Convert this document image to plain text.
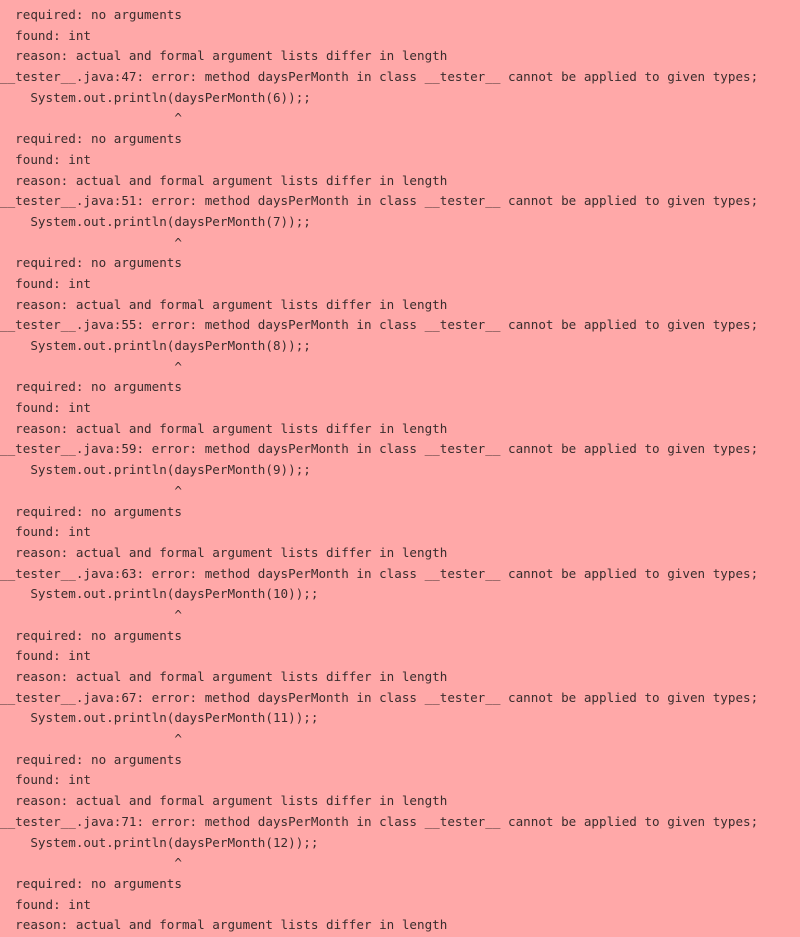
required: no arguments
found: int
reason: actual and formal argument lists differ in length
__tester__.java:47: error: method daysPerMonth in class __tester__ cannot be applied to given types;
System.out.println(daysPerMonth(6));;
^
required: no arguments
found: int
reason: actual and formal argument lists differ in length
__tester__.java:51: error: method daysPerMonth in class __tester__ cannot be applied to given types;
System.out.println(daysPerMonth(7));;
^
required: no arguments
found: int
reason: actual and formal argument lists differ in length
__tester__.java:55: error: method daysPerMonth in class __tester__ cannot be applied to given types;
System.out.println(daysPerMonth(8));;
^
required: no arguments
found: int
reason: actual and formal argument lists differ in length
__tester__.java:59: error: method daysPerMonth in class __tester__ cannot be applied to given types;
System.out.println(daysPerMonth(9));;
^
required: no arguments
found: int
reason: actual and formal argument lists differ in length
__tester__.java:63: error: method daysPerMonth in class __tester__ cannot be applied to given types;
System.out.println(daysPerMonth(10));;
^
required: no arguments
found: int
reason: actual and formal argument lists differ in length
__tester__.java:67: error: method daysPerMonth in class __tester__ cannot be applied to given types;
System.out.println(daysPerMonth(11));;
^
required: no arguments
found: int
reason: actual and formal argument lists differ in length
__tester__.java:71: error: method daysPerMonth in class __tester__ cannot be applied to given types;
System.out.println(daysPerMonth(12));;
^
required: no arguments
found: int
reason: actual and formal argument lists differ in length
